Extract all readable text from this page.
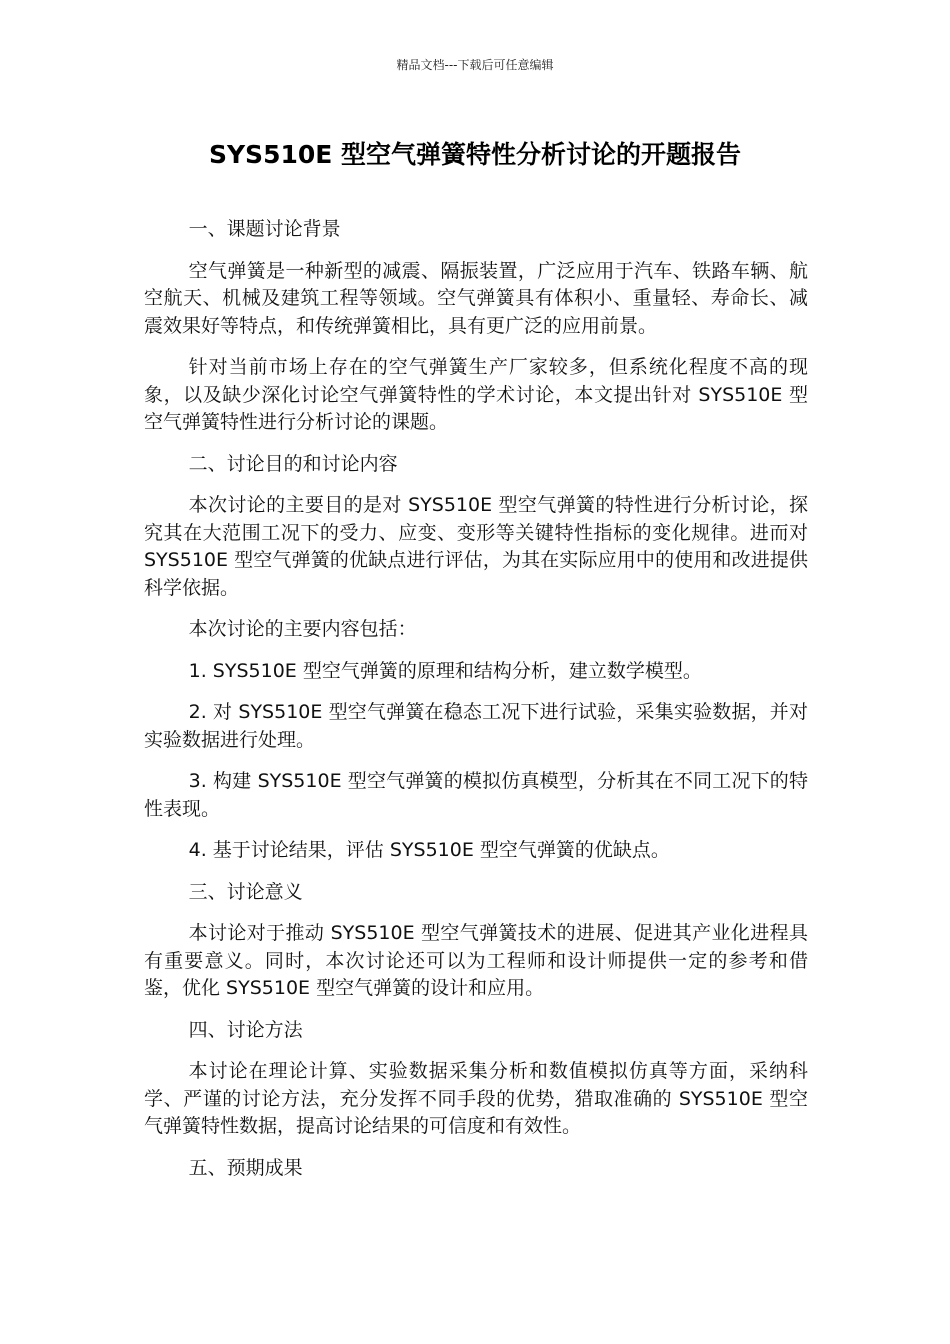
精品文档---下载后可任意编辑
SYS510E 型空气弹簧特性分析讨论的开题报告

一、课题讨论背景

空气弹簧是一种新型的减震、隔振装置，广泛应用于汽车、铁路车辆、航空航天、机械及建筑工程等领域。空气弹簧具有体积小、重量轻、寿命长、减震效果好等特点，和传统弹簧相比，具有更广泛的应用前景。

针对当前市场上存在的空气弹簧生产厂家较多，但系统化程度不高的现象，以及缺少深化讨论空气弹簧特性的学术讨论，本文提出针对 SYS510E 型空气弹簧特性进行分析讨论的课题。

二、讨论目的和讨论内容

本次讨论的主要目的是对 SYS510E 型空气弹簧的特性进行分析讨论，探究其在大范围工况下的受力、应变、变形等关键特性指标的变化规律。进而对 SYS510E 型空气弹簧的优缺点进行评估，为其在实际应用中的使用和改进提供科学依据。

本次讨论的主要内容包括：

1. SYS510E 型空气弹簧的原理和结构分析，建立数学模型。

2. 对 SYS510E 型空气弹簧在稳态工况下进行试验，采集实验数据，并对实验数据进行处理。

3. 构建 SYS510E 型空气弹簧的模拟仿真模型，分析其在不同工况下的特性表现。

4. 基于讨论结果，评估 SYS510E 型空气弹簧的优缺点。

三、讨论意义

本讨论对于推动 SYS510E 型空气弹簧技术的进展、促进其产业化进程具有重要意义。同时，本次讨论还可以为工程师和设计师提供一定的参考和借鉴，优化 SYS510E 型空气弹簧的设计和应用。

四、讨论方法

本讨论在理论计算、实验数据采集分析和数值模拟仿真等方面，采纳科学、严谨的讨论方法，充分发挥不同手段的优势，猎取准确的 SYS510E 型空气弹簧特性数据，提高讨论结果的可信度和有效性。

五、预期成果
